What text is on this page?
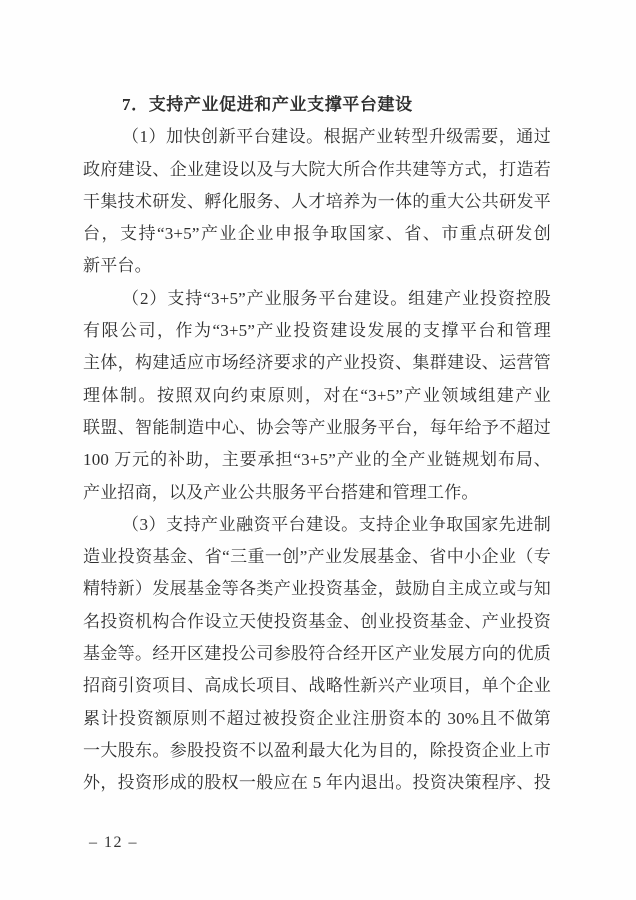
7．支持产业促进和产业支撑平台建设
（1）加快创新平台建设。根据产业转型升级需要，通过
政府建设、企业建设以及与大院大所合作共建等方式，打造若
干集技术研发、孵化服务、人才培养为一体的重大公共研发平
台，支持“3+5”产业企业申报争取国家、省、市重点研发创
新平台。
（2）支持“3+5”产业服务平台建设。组建产业投资控股
有限公司，作为“3+5”产业投资建设发展的支撑平台和管理
主体，构建适应市场经济要求的产业投资、集群建设、运营管
理体制。按照双向约束原则，对在“3+5”产业领域组建产业
联盟、智能制造中心、协会等产业服务平台，每年给予不超过
100 万元的补助，主要承担“3+5”产业的全产业链规划布局、
产业招商，以及产业公共服务平台搭建和管理工作。
（3）支持产业融资平台建设。支持企业争取国家先进制
造业投资基金、省“三重一创”产业发展基金、省中小企业（专
精特新）发展基金等各类产业投资基金，鼓励自主成立或与知
名投资机构合作设立天使投资基金、创业投资基金、产业投资
基金等。经开区建投公司参股符合经开区产业发展方向的优质
招商引资项目、高成长项目、战略性新兴产业项目，单个企业
累计投资额原则不超过被投资企业注册资本的 30%且不做第
一大股东。参股投资不以盈利最大化为目的，除投资企业上市
外，投资形成的股权一般应在 5 年内退出。投资决策程序、投
– 12 –
